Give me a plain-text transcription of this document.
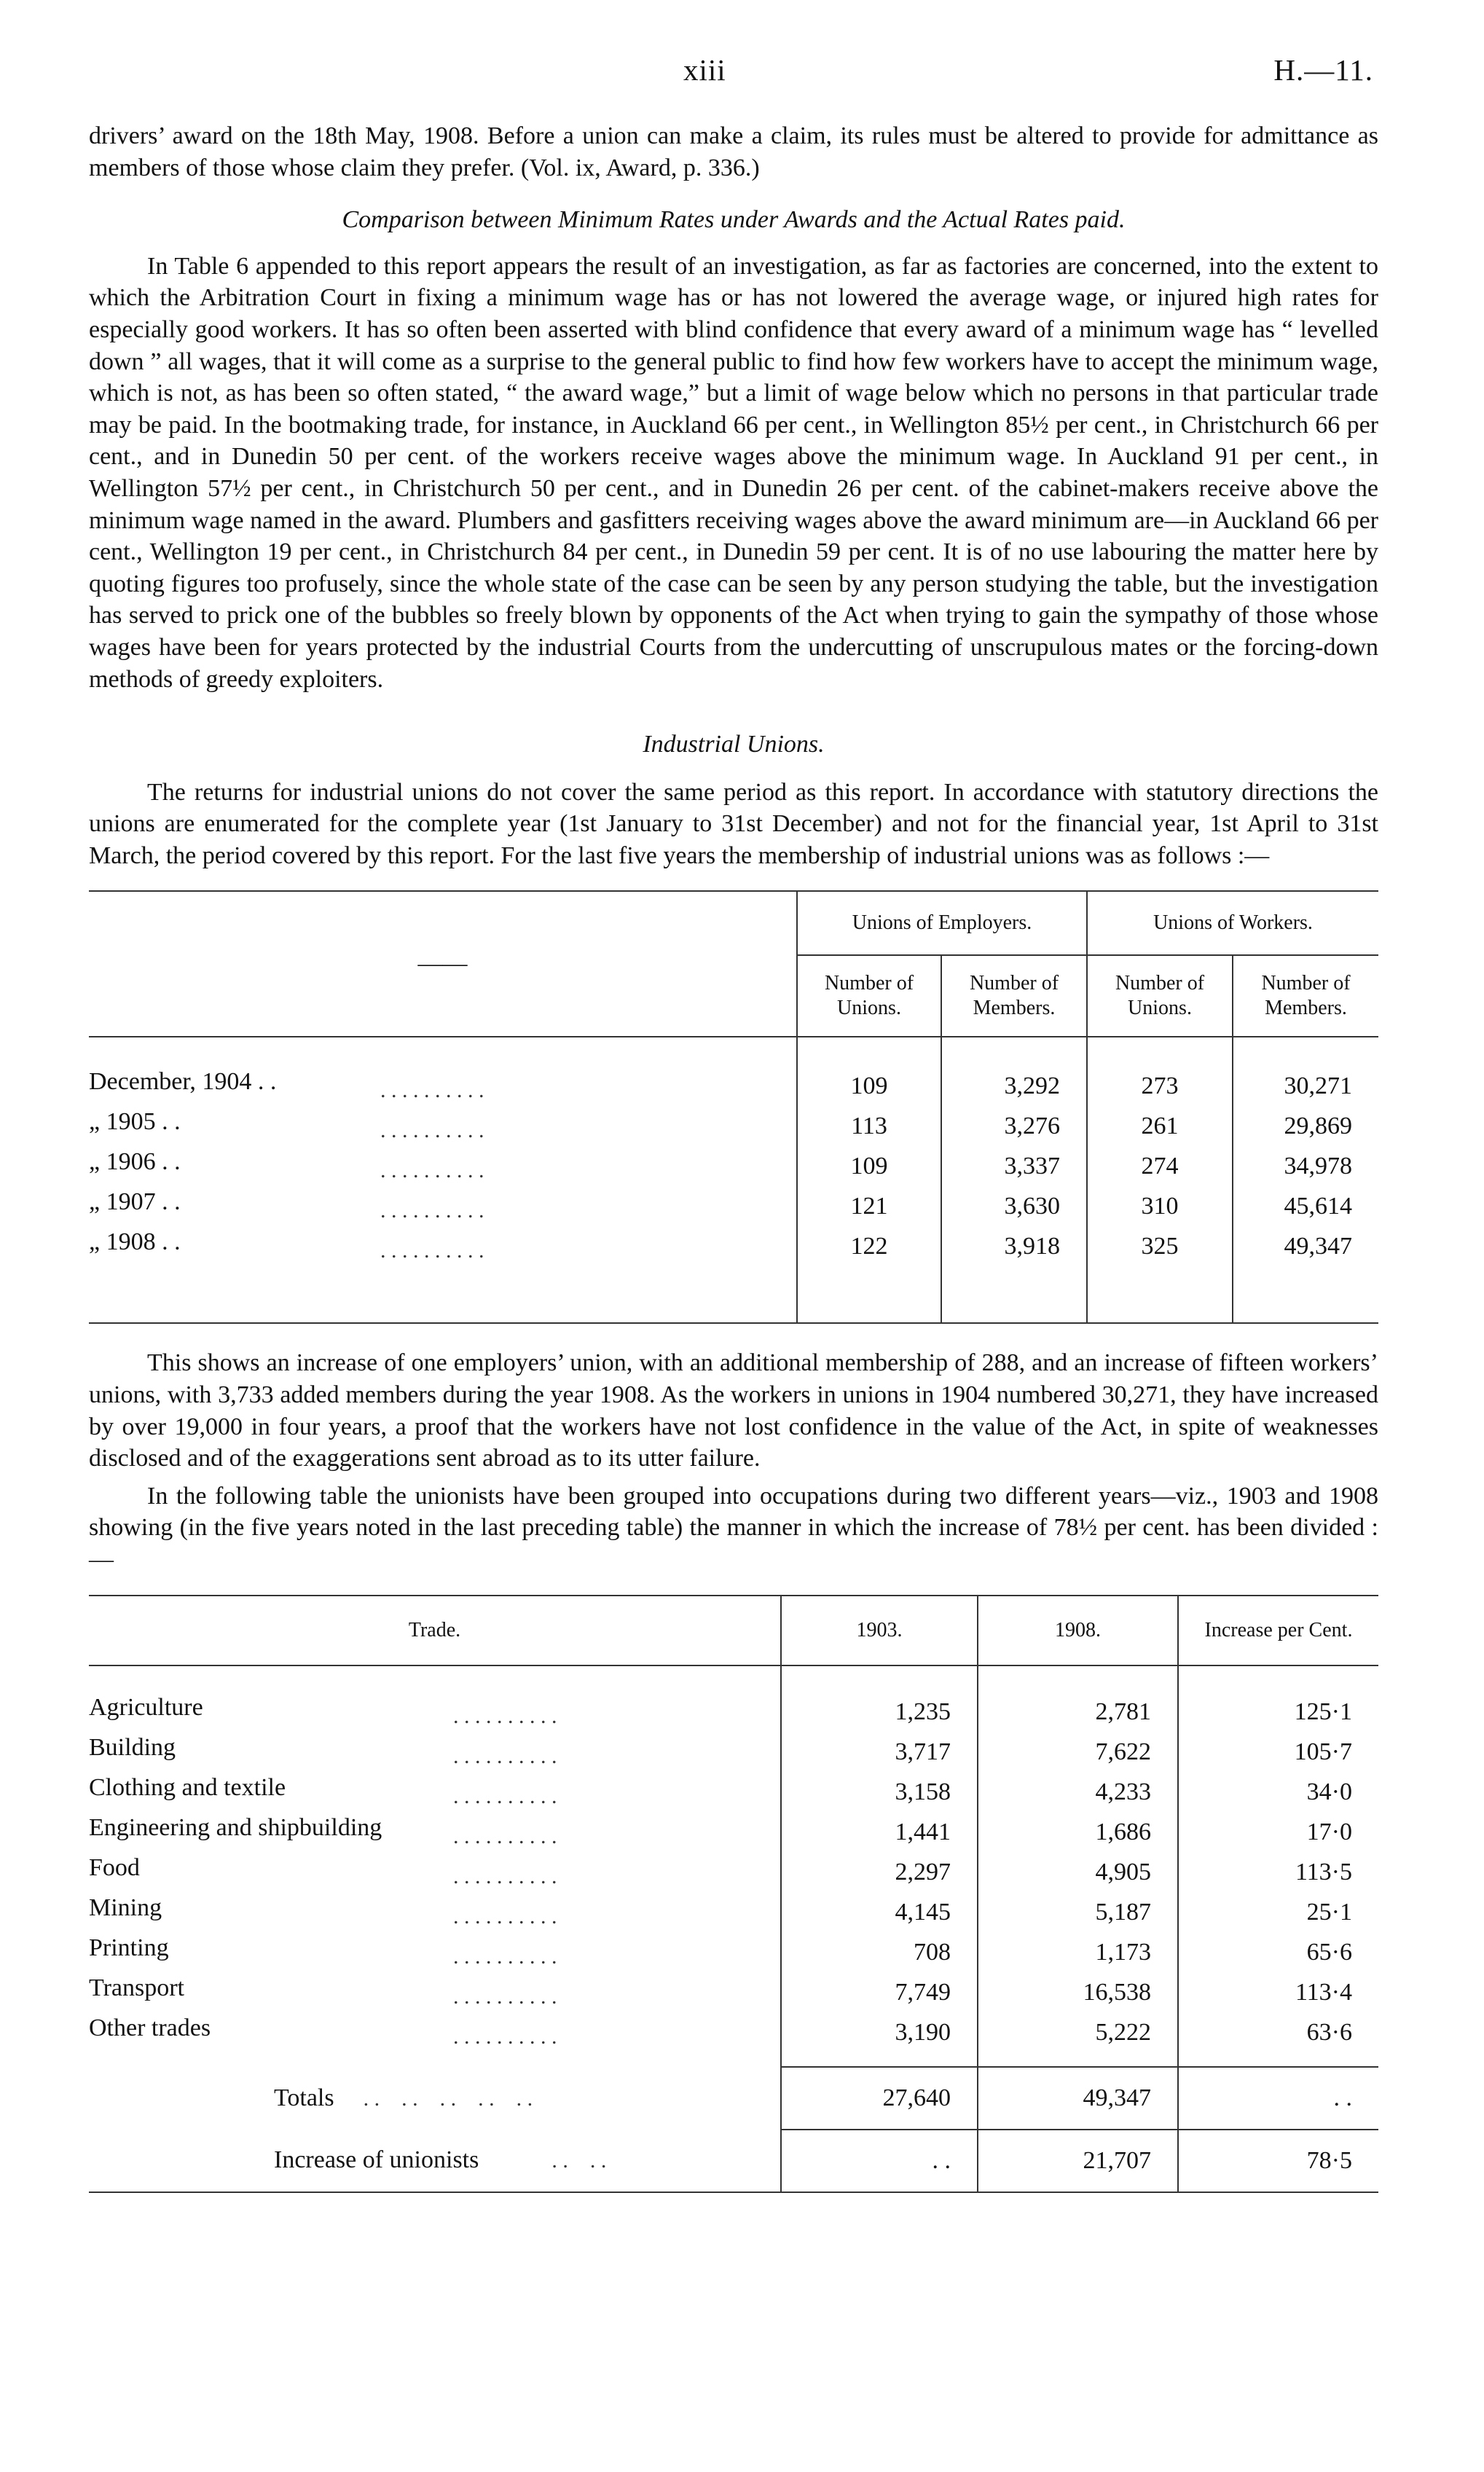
xiii	H.—11.

drivers’ award on the 18th May, 1908. Before a union can make a claim, its rules must be altered to provide for admittance as members of those whose claim they prefer. (Vol. ix, Award, p. 336.)

Comparison between Minimum Rates under Awards and the Actual Rates paid.

In Table 6 appended to this report appears the result of an investigation, as far as factories are concerned, into the extent to which the Arbitration Court in fixing a minimum wage has or has not lowered the average wage, or injured high rates for especially good workers. It has so often been asserted with blind confidence that every award of a minimum wage has “ levelled down ” all wages, that it will come as a surprise to the general public to find how few workers have to accept the minimum wage, which is not, as has been so often stated, “ the award wage,” but a limit of wage below which no persons in that particular trade may be paid. In the bootmaking trade, for instance, in Auckland 66 per cent., in Wellington 85½ per cent., in Christchurch 66 per cent., and in Dunedin 50 per cent. of the workers receive wages above the minimum wage. In Auckland 91 per cent., in Wellington 57½ per cent., in Christchurch 50 per cent., and in Dunedin 26 per cent. of the cabinet-makers receive above the minimum wage named in the award. Plumbers and gasfitters receiving wages above the award minimum are—in Auckland 66 per cent., Wellington 19 per cent., in Christchurch 84 per cent., in Dunedin 59 per cent. It is of no use labouring the matter here by quoting figures too profusely, since the whole state of the case can be seen by any person studying the table, but the investigation has served to prick one of the bubbles so freely blown by opponents of the Act when trying to gain the sympathy of those whose wages have been for years protected by the industrial Courts from the undercutting of unscrupulous mates or the forcing-down methods of greedy exploiters.

Industrial Unions.

The returns for industrial unions do not cover the same period as this report. In accordance with statutory directions the unions are enumerated for the complete year (1st January to 31st December) and not for the financial year, 1st April to 31st March, the period covered by this report. For the last five years the membership of industrial unions was as follows :—

——	Unions of Employers.		Unions of Workers.	
	Number of Unions.	Number of Members.	Number of Unions.	Number of Members.

December, 1904 . . . . . . . . . . . .	109	3,292	273	30,271
„ 1905 . . . . . . . . . . . .	113	3,276	261	29,869
„ 1906 . . . . . . . . . . . .	109	3,337	274	34,978
„ 1907 . . . . . . . . . . . .	121	3,630	310	45,614
„ 1908 . . . . . . . . . . . .	122	3,918	325	49,347

This shows an increase of one employers’ union, with an additional membership of 288, and an increase of fifteen workers’ unions, with 3,733 added members during the year 1908. As the workers in unions in 1904 numbered 30,271, they have increased by over 19,000 in four years, a proof that the workers have not lost confidence in the value of the Act, in spite of weaknesses disclosed and of the exaggerations sent abroad as to its utter failure.

In the following table the unionists have been grouped into occupations during two different years—viz., 1903 and 1908 showing (in the five years noted in the last preceding table) the manner in which the increase of 78½ per cent. has been divided :—

Trade.	1903.	1908.	Increase per Cent.

Agriculture . . . . . . . . . .	1,235	2,781	125·1
Building . . . . . . . . . .	3,717	7,622	105·7
Clothing and textile . . . . . . . . . .	3,158	4,233	34·0
Engineering and shipbuilding . . . . . . . . . .	1,441	1,686	17·0
Food . . . . . . . . . .	2,297	4,905	113·5
Mining . . . . . . . . . .	4,145	5,187	25·1
Printing . . . . . . . . . .	708	1,173	65·6
Transport . . . . . . . . . .	7,749	16,538	113·4
Other trades . . . . . . . . . .	3,190	5,222	63·6

Totals . .    . .    . .    . .    . .	27,640	49,347	. .
Increase of unionists . .    . .	. .	21,707	78·5
